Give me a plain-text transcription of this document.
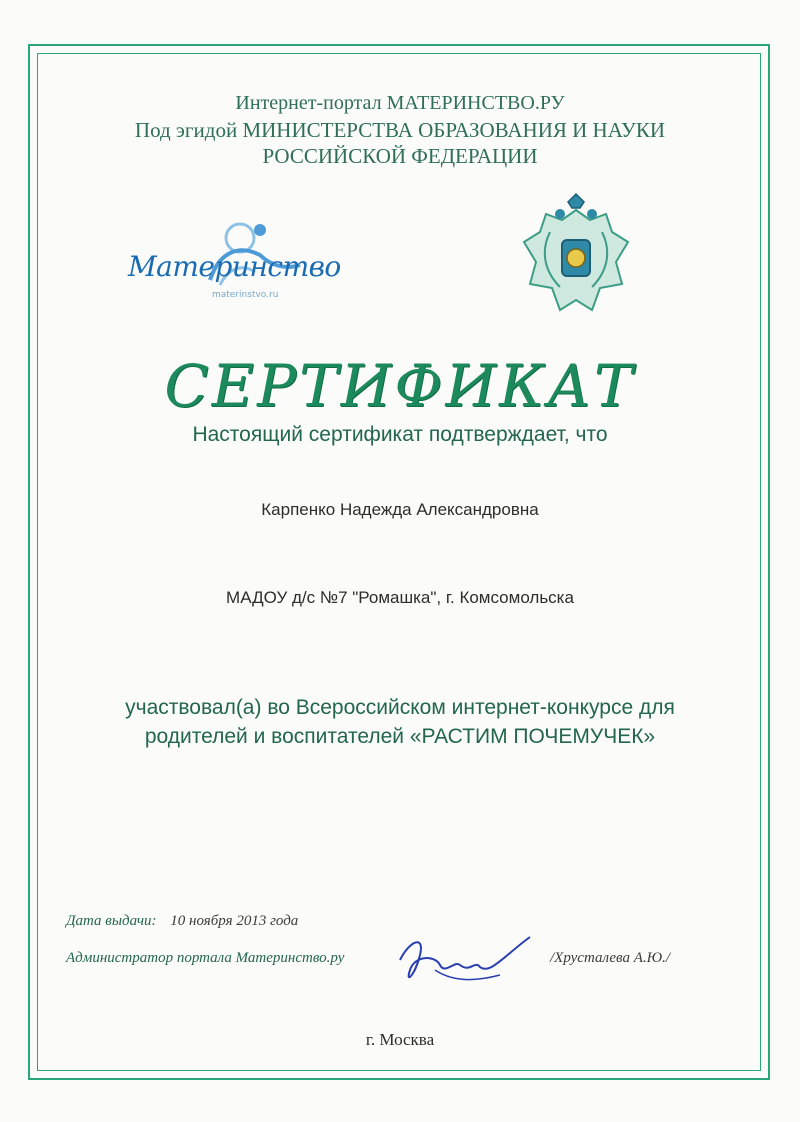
Интернет-портал МАТЕРИНСТВО.РУ
Под эгидой МИНИСТЕРСТВА ОБРАЗОВАНИЯ И НАУКИ
РОССИЙСКОЙ ФЕДЕРАЦИИ
Материнство
materinstvo.ru
СЕРТИФИКАТ
Настоящий сертификат подтверждает, что
Карпенко Надежда Александровна
МАДОУ д/с №7 "Ромашка", г. Комсомольска
участвовал(а) во Всероссийском интернет-конкурсе для
родителей и воспитателей «РАСТИМ ПОЧЕМУЧЕК»
Дата выдачи: 10 ноября 2013 года
Администратор портала Материнство.ру	/Хрусталева А.Ю./
г. Москва
